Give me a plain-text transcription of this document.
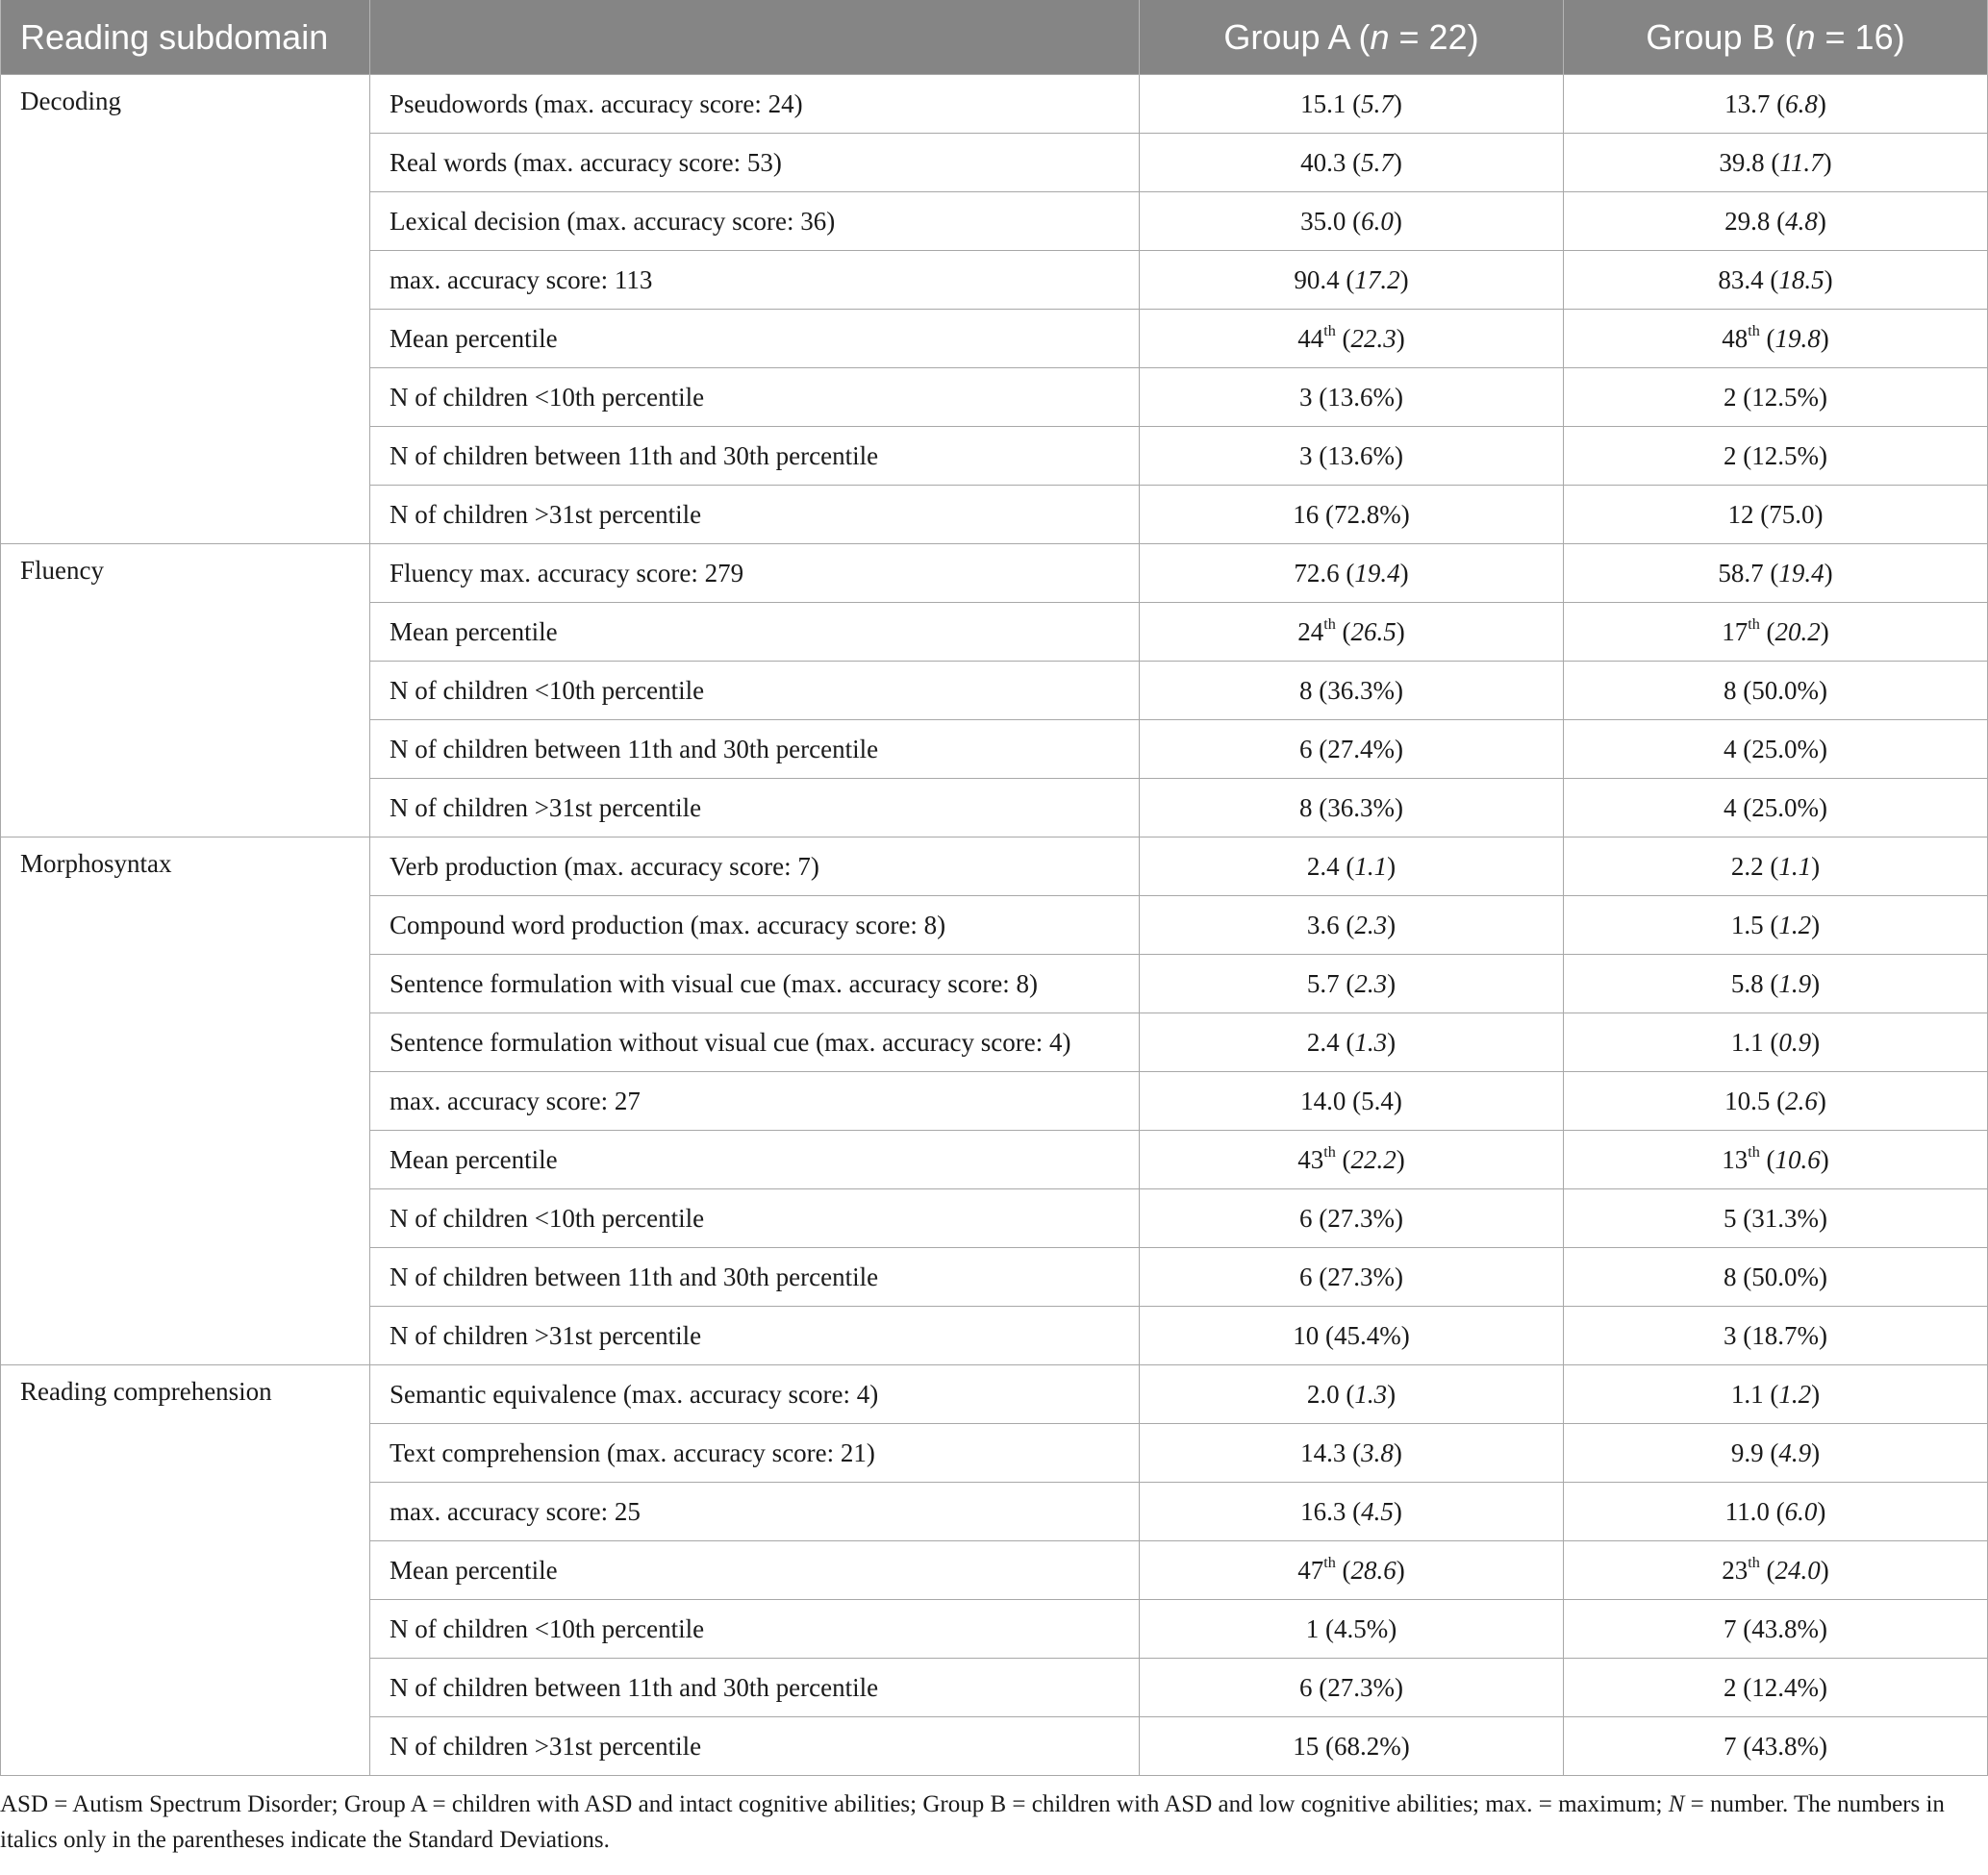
Reading subdomain		Group A (n = 22)	Group B (n = 16)
Decoding	Pseudowords (max. accuracy score: 24)	15.1 (5.7)	13.7 (6.8)
	Real words (max. accuracy score: 53)	40.3 (5.7)	39.8 (11.7)
	Lexical decision (max. accuracy score: 36)	35.0 (6.0)	29.8 (4.8)
	max. accuracy score: 113	90.4 (17.2)	83.4 (18.5)
	Mean percentile	44th (22.3)	48th (19.8)
	N of children <10th percentile	3 (13.6%)	2 (12.5%)
	N of children between 11th and 30th percentile	3 (13.6%)	2 (12.5%)
	N of children >31st percentile	16 (72.8%)	12 (75.0)
Fluency	Fluency max. accuracy score: 279	72.6 (19.4)	58.7 (19.4)
	Mean percentile	24th (26.5)	17th (20.2)
	N of children <10th percentile	8 (36.3%)	8 (50.0%)
	N of children between 11th and 30th percentile	6 (27.4%)	4 (25.0%)
	N of children >31st percentile	8 (36.3%)	4 (25.0%)
Morphosyntax	Verb production (max. accuracy score: 7)	2.4 (1.1)	2.2 (1.1)
	Compound word production (max. accuracy score: 8)	3.6 (2.3)	1.5 (1.2)
	Sentence formulation with visual cue (max. accuracy score: 8)	5.7 (2.3)	5.8 (1.9)
	Sentence formulation without visual cue (max. accuracy score: 4)	2.4 (1.3)	1.1 (0.9)
	max. accuracy score: 27	14.0 (5.4)	10.5 (2.6)
	Mean percentile	43th (22.2)	13th (10.6)
	N of children <10th percentile	6 (27.3%)	5 (31.3%)
	N of children between 11th and 30th percentile	6 (27.3%)	8 (50.0%)
	N of children >31st percentile	10 (45.4%)	3 (18.7%)
Reading comprehension	Semantic equivalence (max. accuracy score: 4)	2.0 (1.3)	1.1 (1.2)
	Text comprehension (max. accuracy score: 21)	14.3 (3.8)	9.9 (4.9)
	max. accuracy score: 25	16.3 (4.5)	11.0 (6.0)
	Mean percentile	47th (28.6)	23th (24.0)
	N of children <10th percentile	1 (4.5%)	7 (43.8%)
	N of children between 11th and 30th percentile	6 (27.3%)	2 (12.4%)
	N of children >31st percentile	15 (68.2%)	7 (43.8%)
ASD = Autism Spectrum Disorder; Group A = children with ASD and intact cognitive abilities; Group B = children with ASD and low cognitive abilities; max. = maximum; N = number. The numbers in italics only in the parentheses indicate the Standard Deviations.
